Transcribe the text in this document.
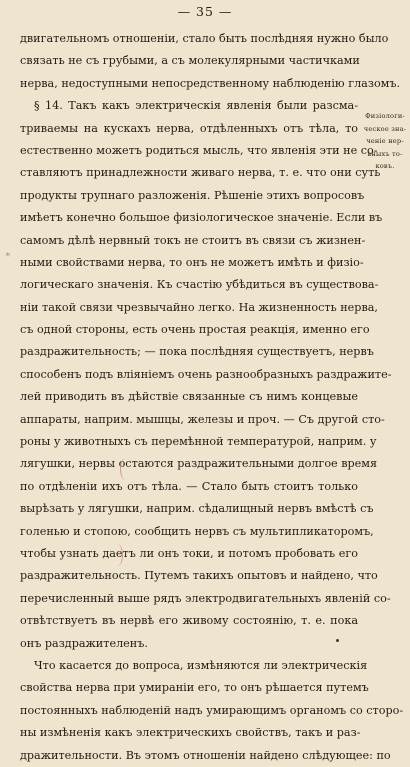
— 35 —
двигательномъ отношеніи, стало быть послѣдняя нужно было
связать не съ грубыми, а съ молекулярными частичками
нерва, недоступными непосредственному наблюденію глазомъ.
§ 14. Такъ какъ электрическія явленія были разсма-
триваемы на кускахъ нерва, отдѣленныхъ отъ тѣла, то
естественно можетъ родиться мысль, что явленія эти не со-
ставляютъ принадлежности живаго нерва, т. е. что они суть
продукты трупнаго разложенія. Рѣшеніе этихъ вопросовъ
имѣетъ конечно большое физіологическое значеніе. Если въ
самомъ дѣлѣ нервный токъ не стоитъ въ связи съ жизнен-
ными свойствами нерва, то онъ не можетъ имѣть и физіо-
логическаго значенія. Къ счастію убѣдиться въ существова-
ніи такой связи чрезвычайно легко. На жизненность нерва,
съ одной стороны, есть очень простая реакція, именно его
раздражительность; — пока послѣдняя существуетъ, нервъ
способенъ подъ вліяніемъ очень разнообразныхъ раздражите-
лей приводить въ дѣйствіе связанные съ нимъ концевые
аппараты, наприм. мышцы, железы и проч. — Съ другой сто-
роны у животныхъ съ перемѣнной температурой, наприм. у
лягушки, нервы остаются раздражительными долгое время
по отдѣленіи ихъ отъ тѣла. — Стало быть стоитъ только
вырѣзать у лягушки, наприм. сѣдалищный нервъ вмѣстѣ съ
голенью и стопою, сообщить нервъ съ мультипликаторомъ,
чтобы узнать даетъ ли онъ токи, и потомъ пробовать его
раздражительность. Путемъ такихъ опытовъ и найдено, что
перечисленный выше рядъ электродвигательныхъ явленій со-
отвѣтствуетъ въ нервѣ его живому состоянію, т. е. пока
онъ раздражителенъ.
Что касается до вопроса, измѣняются ли электрическія
свойства нерва при умираніи его, то онъ рѣшается путемъ
постоянныхъ наблюденій надъ умирающимъ органомъ со сторо-
ны измѣненія какъ электрическихъ свойствъ, такъ и раз-
дражительности. Въ этомъ отношеніи найдено слѣдующее: по
Физіологи-
ческое зна-
ченіе нер-
вныхъ то-
ковъ.
*
